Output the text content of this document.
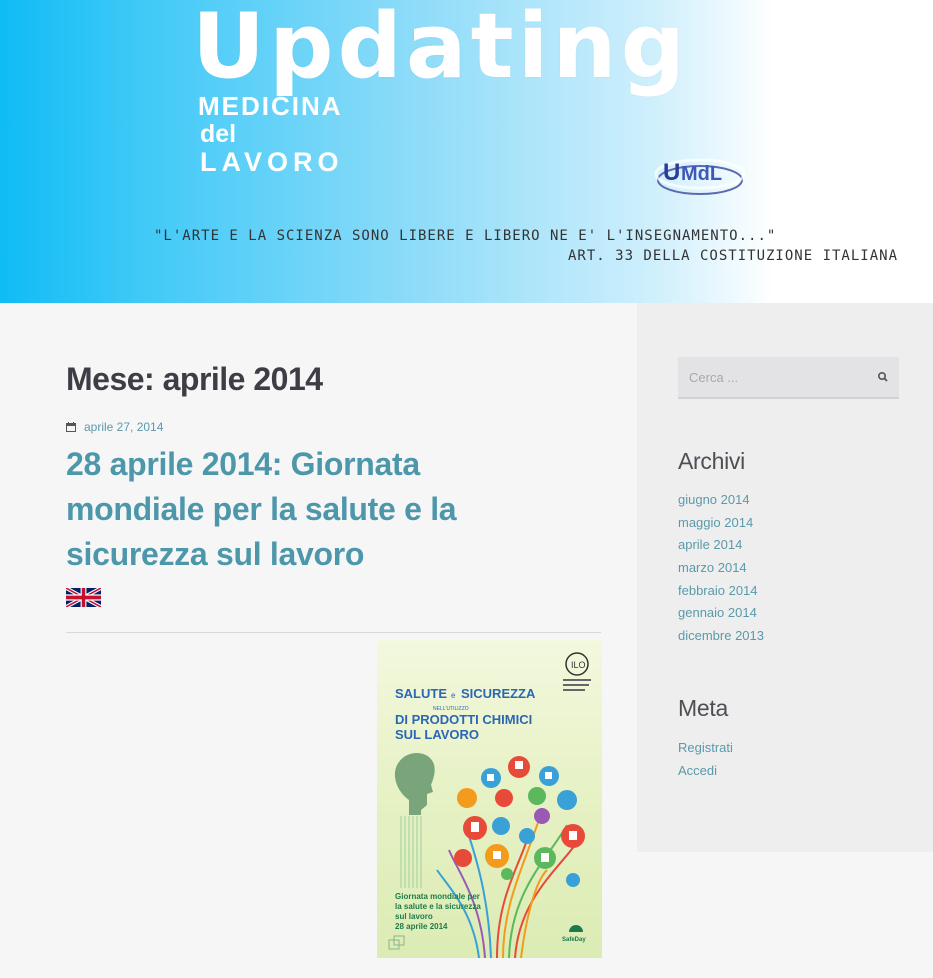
Updating
MEDICINA
del
LAVORO	U MdL
"L'ARTE E LA SCIENZA SONO LIBERE E LIBERO NE E' L'INSEGNAMENTO..."
ART. 33 DELLA COSTITUZIONE ITALIANA
Mese: aprile 2014
aprile 27, 2014
28 aprile 2014: Giornata mondiale per la salute e la sicurezza sul lavoro
ILO
SALUTE e SICUREZZA
NELL'UTILIZZO
DI PRODOTTI CHIMICI
SUL LAVORO
Giornata mondiale per
la salute e la sicurezza
sul lavoro
28 aprile 2014
SafeDay
Cerca ...
Archivi
giugno 2014
maggio 2014
aprile 2014
marzo 2014
febbraio 2014
gennaio 2014
dicembre 2013
Meta
Registrati
Accedi
